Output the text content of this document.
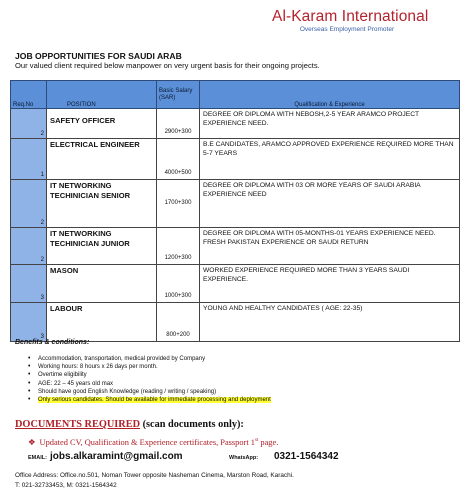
Al-Karam International
Overseas Employment Promoter
JOB OPPORTUNITIES FOR SAUDI ARAB
Our valued client required below manpower on very urgent basis for their ongoing projects.
Req.No	POSITION	Basic Salary (SAR)	Qualification & Experience
2	SAFETY OFFICER	2900+300	DEGREE OR DIPLOMA WITH NEBOSH,2-5 YEAR ARAMCO PROJECT EXPERIENCE NEED.
1	ELECTRICAL ENGINEER	4000+500	B.E CANDIDATES, ARAMCO APPROVED EXPERIENCE REQUIRED MORE THAN 5-7 YEARS
2	IT NETWORKING TECHINICIAN SENIOR	1700+300	DEGREE OR DIPLOMA WITH 03 OR MORE YEARS OF SAUDI ARABIA EXPERIENCE NEED
2	IT NETWORKING TECHINICIAN JUNIOR	1200+300	DEGREE OR DIPLOMA WITH 05-MONTHS-01 YEARS EXPERIENCE NEED. FRESH PAKISTAN EXPERIENCE OR SAUDI RETURN
3	MASON	1000+300	WORKED EXPERIENCE REQUIRED MORE THAN 3 YEARS SAUDI EXPERIENCE.
3	LABOUR	800+200	YOUNG AND HEALTHY CANDIDATES ( AGE: 22-35)
Benefits & conditions:
• Accommodation, transportation, medical provided by Company
• Working hours: 8 hours x 26 days per month.
• Overtime eligibility
• AGE: 22 – 45 years old max
• Should have good English Knowledge (reading / writing / speaking)
• Only serious candidates. Should be available for immediate processing and deployment
DOCUMENTS REQUIRED (scan documents only):
❖ Updated CV, Qualification & Experience certificates, Passport 1st page.
EMAIL: jobs.alkaramint@gmail.com	WhatsApp: 0321-1564342
Office Address: Office.no.501, Noman Tower opposite Nasheman Cinema, Marston Road, Karachi.
T: 021-32733453, M: 0321-1564342
